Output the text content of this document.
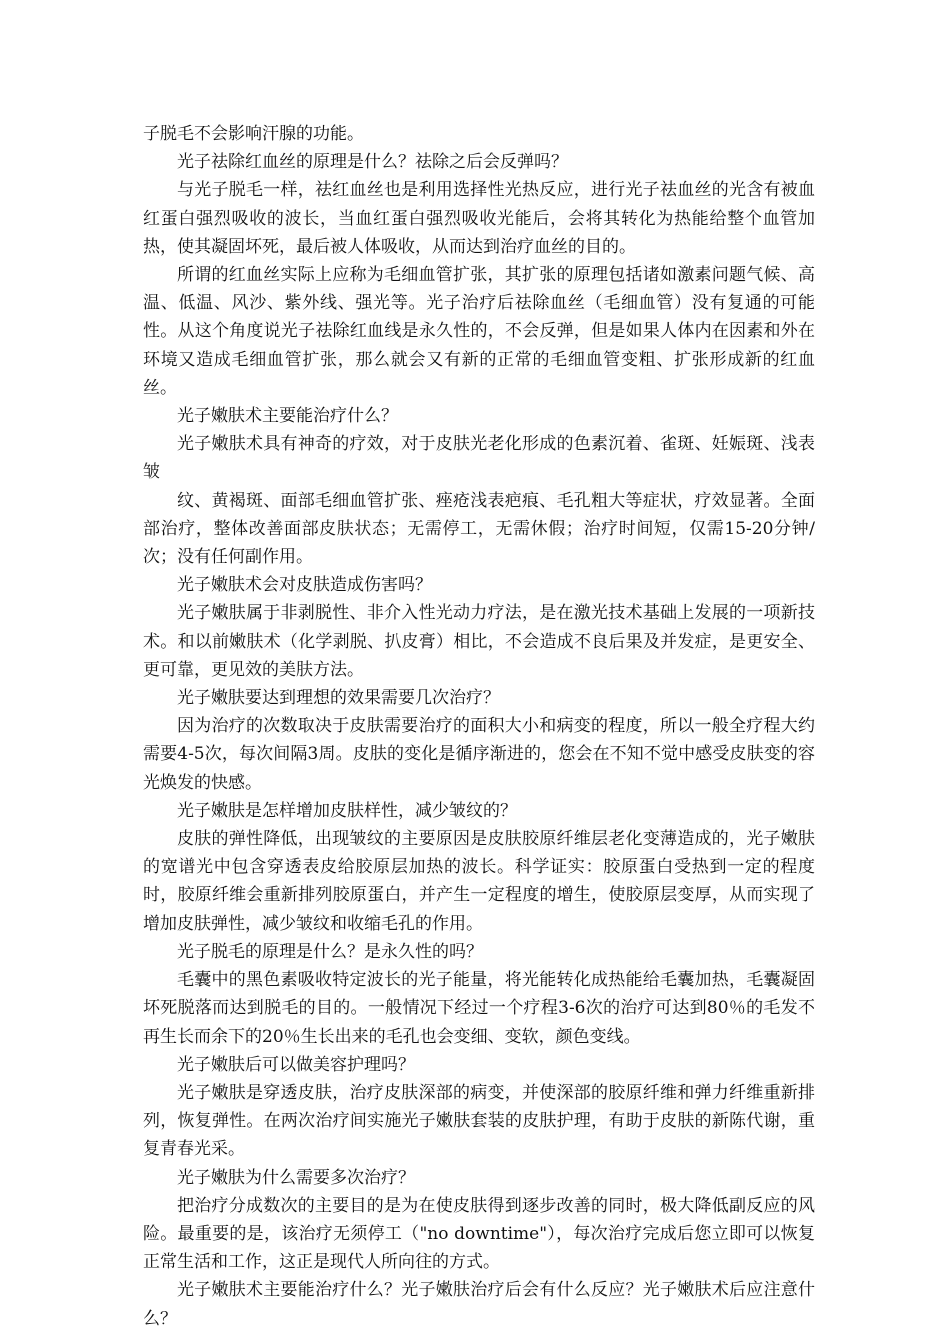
子脱毛不会影响汗腺的功能。

光子祛除红血丝的原理是什么？祛除之后会反弹吗？

与光子脱毛一样，祛红血丝也是利用选择性光热反应，进行光子祛血丝的光含有被血红蛋白强烈吸收的波长，当血红蛋白强烈吸收光能后，会将其转化为热能给整个血管加热，使其凝固坏死，最后被人体吸收，从而达到治疗血丝的目的。

所谓的红血丝实际上应称为毛细血管扩张，其扩张的原理包括诸如激素问题气候、高温、低温、风沙、紫外线、强光等。光子治疗后祛除血丝（毛细血管）没有复通的可能性。从这个角度说光子祛除红血线是永久性的，不会反弹，但是如果人体内在因素和外在环境又造成毛细血管扩张，那么就会又有新的正常的毛细血管变粗、扩张形成新的红血丝。

光子嫩肤术主要能治疗什么？

光子嫩肤术具有神奇的疗效，对于皮肤光老化形成的色素沉着、雀斑、妊娠斑、浅表皱

纹、黄褐斑、面部毛细血管扩张、痤疮浅表疤痕、毛孔粗大等症状，疗效显著。全面部治疗，整体改善面部皮肤状态；无需停工，无需休假；治疗时间短，仅需15-20分钟/次；没有任何副作用。

光子嫩肤术会对皮肤造成伤害吗？

光子嫩肤属于非剥脱性、非介入性光动力疗法，是在激光技术基础上发展的一项新技术。和以前嫩肤术（化学剥脱、扒皮膏）相比，不会造成不良后果及并发症，是更安全、更可靠，更见效的美肤方法。

光子嫩肤要达到理想的效果需要几次治疗？

因为治疗的次数取决于皮肤需要治疗的面积大小和病变的程度，所以一般全疗程大约需要4-5次，每次间隔3周。皮肤的变化是循序渐进的，您会在不知不觉中感受皮肤变的容光焕发的快感。

光子嫩肤是怎样增加皮肤样性，减少皱纹的？

皮肤的弹性降低，出现皱纹的主要原因是皮肤胶原纤维层老化变薄造成的，光子嫩肤的宽谱光中包含穿透表皮给胶原层加热的波长。科学证实：胶原蛋白受热到一定的程度时，胶原纤维会重新排列胶原蛋白，并产生一定程度的增生，使胶原层变厚，从而实现了增加皮肤弹性，减少皱纹和收缩毛孔的作用。

光子脱毛的原理是什么？是永久性的吗？

毛囊中的黑色素吸收特定波长的光子能量，将光能转化成热能给毛囊加热，毛囊凝固坏死脱落而达到脱毛的目的。一般情况下经过一个疗程3-6次的治疗可达到80％的毛发不再生长而余下的20％生长出来的毛孔也会变细、变软，颜色变线。

光子嫩肤后可以做美容护理吗？

光子嫩肤是穿透皮肤，治疗皮肤深部的病变，并使深部的胶原纤维和弹力纤维重新排列，恢复弹性。在两次治疗间实施光子嫩肤套装的皮肤护理，有助于皮肤的新陈代谢，重复青春光采。

光子嫩肤为什么需要多次治疗？

把治疗分成数次的主要目的是为在使皮肤得到逐步改善的同时，极大降低副反应的风险。最重要的是，该治疗无须停工（"no downtime"），每次治疗完成后您立即可以恢复正常生活和工作，这正是现代人所向往的方式。

光子嫩肤术主要能治疗什么？光子嫩肤治疗后会有什么反应？光子嫩肤术后应注意什么？
